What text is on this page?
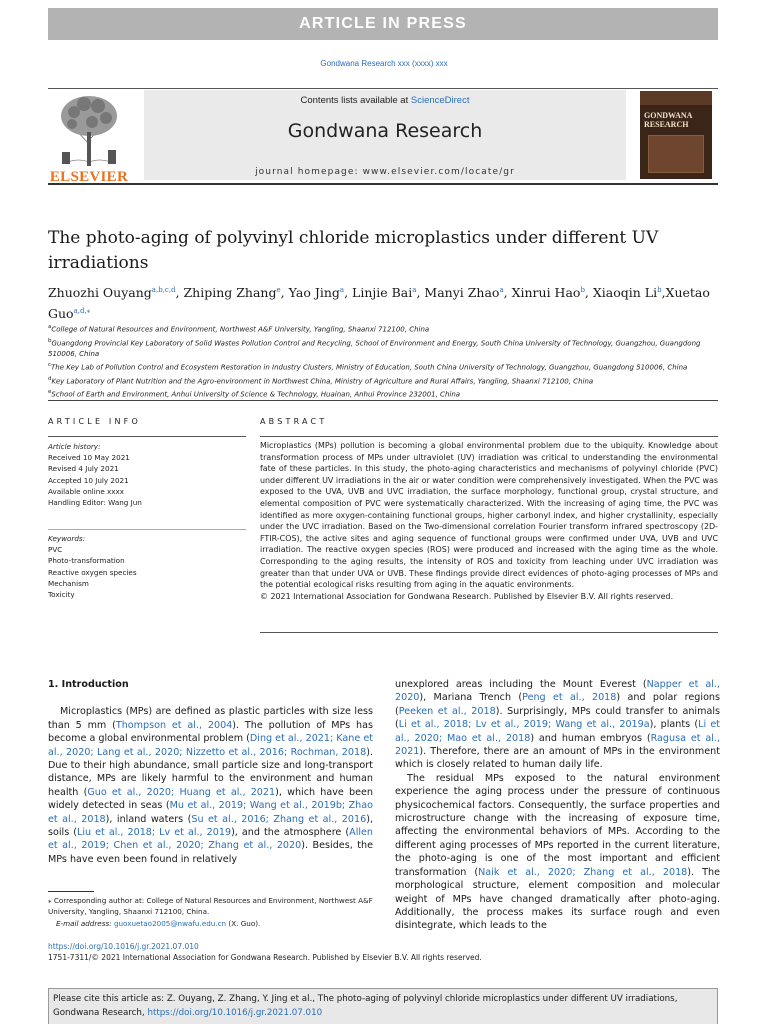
ARTICLE IN PRESS
Gondwana Research xxx (xxxx) xxx
ELSEVIER
Contents lists available at ScienceDirect
Gondwana Research
journal homepage: www.elsevier.com/locate/gr
GONDWANA RESEARCH
The photo-aging of polyvinyl chloride microplastics under different UV irradiations
Zhuozhi Ouyang$^{a,b,c,d}$, Zhiping Zhang$^e$, Yao Jing$^a$, Linjie Bai$^a$, Manyi Zhao$^a$, Xinrui Hao$^b$, Xiaoqin Li$^b$,Xuetao Guo$^{a,d,⁎}$
$^a$College of Natural Resources and Environment, Northwest A&F University, Yangling, Shaanxi 712100, China
$^b$Guangdong Provincial Key Laboratory of Solid Wastes Pollution Control and Recycling, School of Environment and Energy, South China University of Technology, Guangzhou, Guangdong 510006, China
$^c$The Key Lab of Pollution Control and Ecosystem Restoration in Industry Clusters, Ministry of Education, South China University of Technology, Guangzhou, Guangdong 510006, China
$^d$Key Laboratory of Plant Nutrition and the Agro-environment in Northwest China, Ministry of Agriculture and Rural Affairs, Yangling, Shaanxi 712100, China
$^e$School of Earth and Environment, Anhui University of Science & Technology, Huainan, Anhui Province 232001, China
ARTICLE INFO	ABSTRACT
Article history:
Received 10 May 2021
Revised 4 July 2021
Accepted 10 July 2021
Available online xxxx
Handling Editor: Wang Jun
Keywords:
PVC
Photo-transformation
Reactive oxygen species
Mechanism
Toxicity
Microplastics (MPs) pollution is becoming a global environmental problem due to the ubiquity. Knowledge about transformation process of MPs under ultraviolet (UV) irradiation was critical to understanding the environmental fate of these particles. In this study, the photo-aging characteristics and mechanisms of polyvinyl chloride (PVC) under different UV irradiations in the air or water condition were comprehensively investigated. When the PVC was exposed to the UVA, UVB and UVC irradiation, the surface morphology, functional group, crystal structure, and elemental composition of PVC were systematically characterized. With the increasing of aging time, the PVC was identified as more oxygen-containing functional groups, higher carbonyl index, and higher crystallinity, especially under the UVC irradiation. Based on the Two-dimensional correlation Fourier transform infrared spectroscopy (2D-FTIR-COS), the active sites and aging sequence of functional groups were confirmed under UVA, UVB and UVC irradiation. The reactive oxygen species (ROS) were produced and increased with the aging time as the whole. Corresponding to the aging results, the intensity of ROS and toxicity from leaching under UVC irradiation was greater than that under UVA or UVB. These findings provide direct evidences of photo-aging processes of MPs and the potential ecological risks resulting from aging in the aquatic environments.
© 2021 International Association for Gondwana Research. Published by Elsevier B.V. All rights reserved.
1. Introduction

Microplastics (MPs) are defined as plastic particles with size less than 5 mm (Thompson et al., 2004). The pollution of MPs has become a global environmental problem (Ding et al., 2021; Kane et al., 2020; Lang et al., 2020; Nizzetto et al., 2016; Rochman, 2018). Due to their high abundance, small particle size and long-transport distance, MPs are likely harmful to the environment and human health (Guo et al., 2020; Huang et al., 2021), which have been widely detected in seas (Mu et al., 2019; Wang et al., 2019b; Zhao et al., 2018), inland waters (Su et al., 2016; Zhang et al., 2016), soils (Liu et al., 2018; Lv et al., 2019), and the atmosphere (Allen et al., 2019; Chen et al., 2020; Zhang et al., 2020). Besides, the MPs have even been found in relatively

unexplored areas including the Mount Everest (Napper et al., 2020), Mariana Trench (Peng et al., 2018) and polar regions (Peeken et al., 2018). Surprisingly, MPs could transfer to animals (Li et al., 2018; Lv et al., 2019; Wang et al., 2019a), plants (Li et al., 2020; Mao et al., 2018) and human embryos (Ragusa et al., 2021). Therefore, there are an amount of MPs in the environment which is closely related to human daily life.

The residual MPs exposed to the natural environment experience the aging process under the pressure of continuous physicochemical factors. Consequently, the surface properties and microstructure change with the increasing of exposure time, affecting the environmental behaviors of MPs. According to the different aging processes of MPs reported in the current literature, the photo-aging is one of the most important and efficient transformation (Naik et al., 2020; Zhang et al., 2018). The morphological structure, element composition and molecular weight of MPs have changed dramatically after photo-aging. Additionally, the process makes its surface rough and even disintegrate, which leads to the

⁎ Corresponding author at: College of Natural Resources and Environment, Northwest A&F University, Yangling, Shaanxi 712100, China.
E-mail address: guoxuetao2005@nwafu.edu.cn (X. Guo).
https://doi.org/10.1016/j.gr.2021.07.010
1751-7311/© 2021 International Association for Gondwana Research. Published by Elsevier B.V. All rights reserved.
Please cite this article as: Z. Ouyang, Z. Zhang, Y. Jing et al., The photo-aging of polyvinyl chloride microplastics under different UV irradiations, Gondwana Research, https://doi.org/10.1016/j.gr.2021.07.010
